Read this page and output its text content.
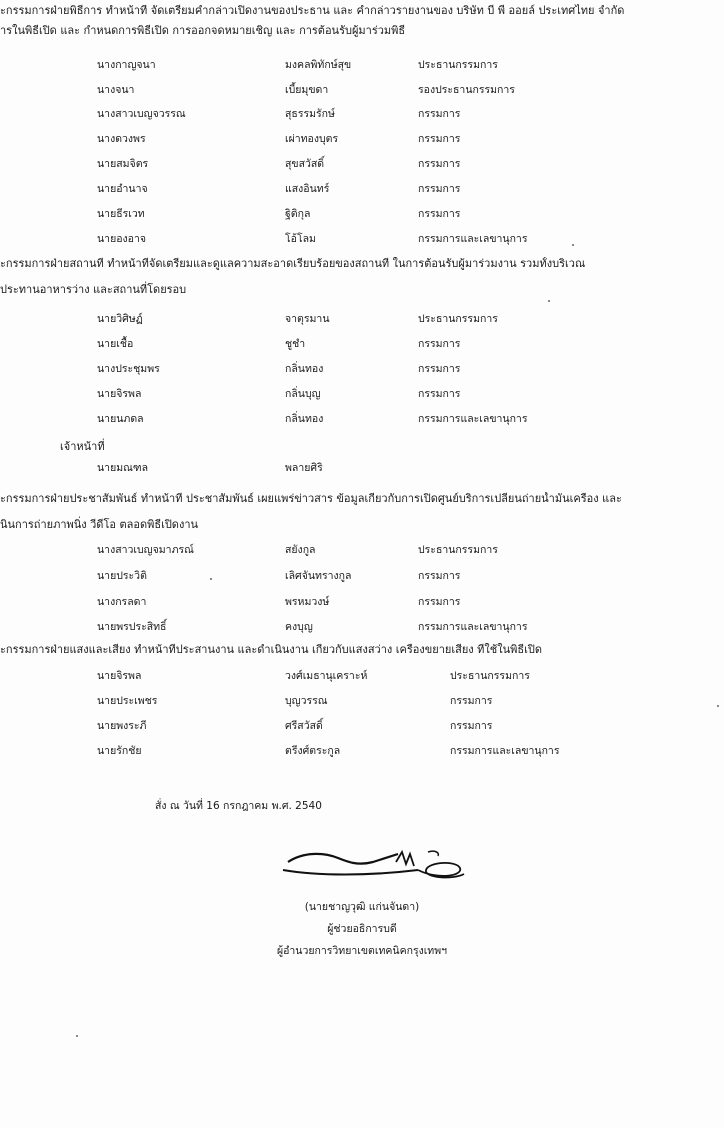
ะกรรมการฝ่ายพิธีการ ทำหน้าที่ จัดเตรียมคำกล่าวเปิดงานของประธาน และ คำกล่าวรายงานของ บริษัท บี พี ออยล์ ประเทศไทย จำกัด
ารในพิธีเปิด และ กำหนดการพิธีเปิด การออกจดหมายเชิญ และ การต้อนรับผู้มาร่วมพิธี
นางกาญจนา	มงคลพิทักษ์สุข	ประธานกรรมการ
นางจนา	เบี้ยมุขดา	รองประธานกรรมการ
นางสาวเบญจวรรณ	สุธรรมรักษ์	กรรมการ
นางดวงพร	เผ่าทองบุตร	กรรมการ
นายสมจิตร	สุขสวัสดิ์	กรรมการ
นายอำนาจ	แสงอินทร์	กรรมการ
นายธีรเวท	ฐิติกุล	กรรมการ
นายองอาจ	โอ้โลม	กรรมการและเลขานุการ
ะกรรมการฝ่ายสถานที่ ทำหน้าที่จัดเตรียมและดูแลความสะอาดเรียบร้อยของสถานที่ ในการต้อนรับผู้มาร่วมงาน รวมทั้งบริเวณ
ประทานอาหารว่าง และสถานที่โดยรอบ
นายวิศิษฏ์	จาตุรมาน	ประธานกรรมการ
นายเชื้อ	ชูชำ	กรรมการ
นางประชุมพร	กลิ่นทอง	กรรมการ
นายจิรพล	กลิ่นบุญ	กรรมการ
นายนภดล	กลิ่นทอง	กรรมการและเลขานุการ
เจ้าหน้าที่
นายมณฑล	พลายศิริ
ะกรรมการฝ่ายประชาสัมพันธ์ ทำหน้าที่ ประชาสัมพันธ์ เผยแพร่ข่าวสาร ข้อมูลเกี่ยวกับการเปิดศูนย์บริการเปลี่ยนถ่ายน้ำมันเครื่อง และ
นินการถ่ายภาพนิ่ง วีดีโอ ตลอดพิธีเปิดงาน
นางสาวเบญจมาภรณ์	สยังกูล	ประธานกรรมการ
นายประวิติ	เลิศจันทรางกูล	กรรมการ
นางกรลดา	พรหมวงษ์	กรรมการ
นายพรประสิทธิ์	คงบุญ	กรรมการและเลขานุการ
ะกรรมการฝ่ายแสงและเสียง ทำหน้าที่ประสานงาน และดำเนินงาน เกี่ยวกับแสงสว่าง เครื่องขยายเสียง ที่ใช้ในพิธีเปิด
นายจิรพล	วงศ์เมธานุเคราะห์	ประธานกรรมการ
นายประเพชร	บุญวรรณ	กรรมการ
นายพงระภี	ศรีสวัสดิ์	กรรมการ
นายรักชัย	ตรีงศ์ตระกูล	กรรมการและเลขานุการ
สั่ง ณ วันที่ 16 กรกฎาคม พ.ศ. 2540
(นายชาญวุฒิ แก่นจันดา)
ผู้ช่วยอธิการบดี
ผู้อำนวยการวิทยาเขตเทคนิคกรุงเทพฯ
